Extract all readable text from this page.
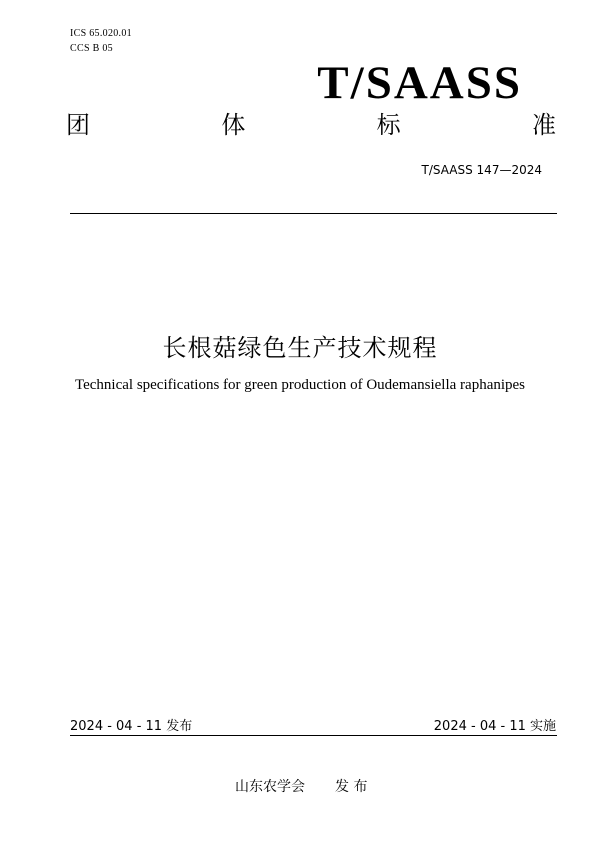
ICS 65.020.01
CCS B 05
T/SAASS
团	体	标	准
T/SAASS 147—2024
长根菇绿色生产技术规程
Technical specifications for green production of Oudemansiella raphanipes
2024 - 04 - 11 发布	2024 - 04 - 11 实施
山东农学会 发 布
